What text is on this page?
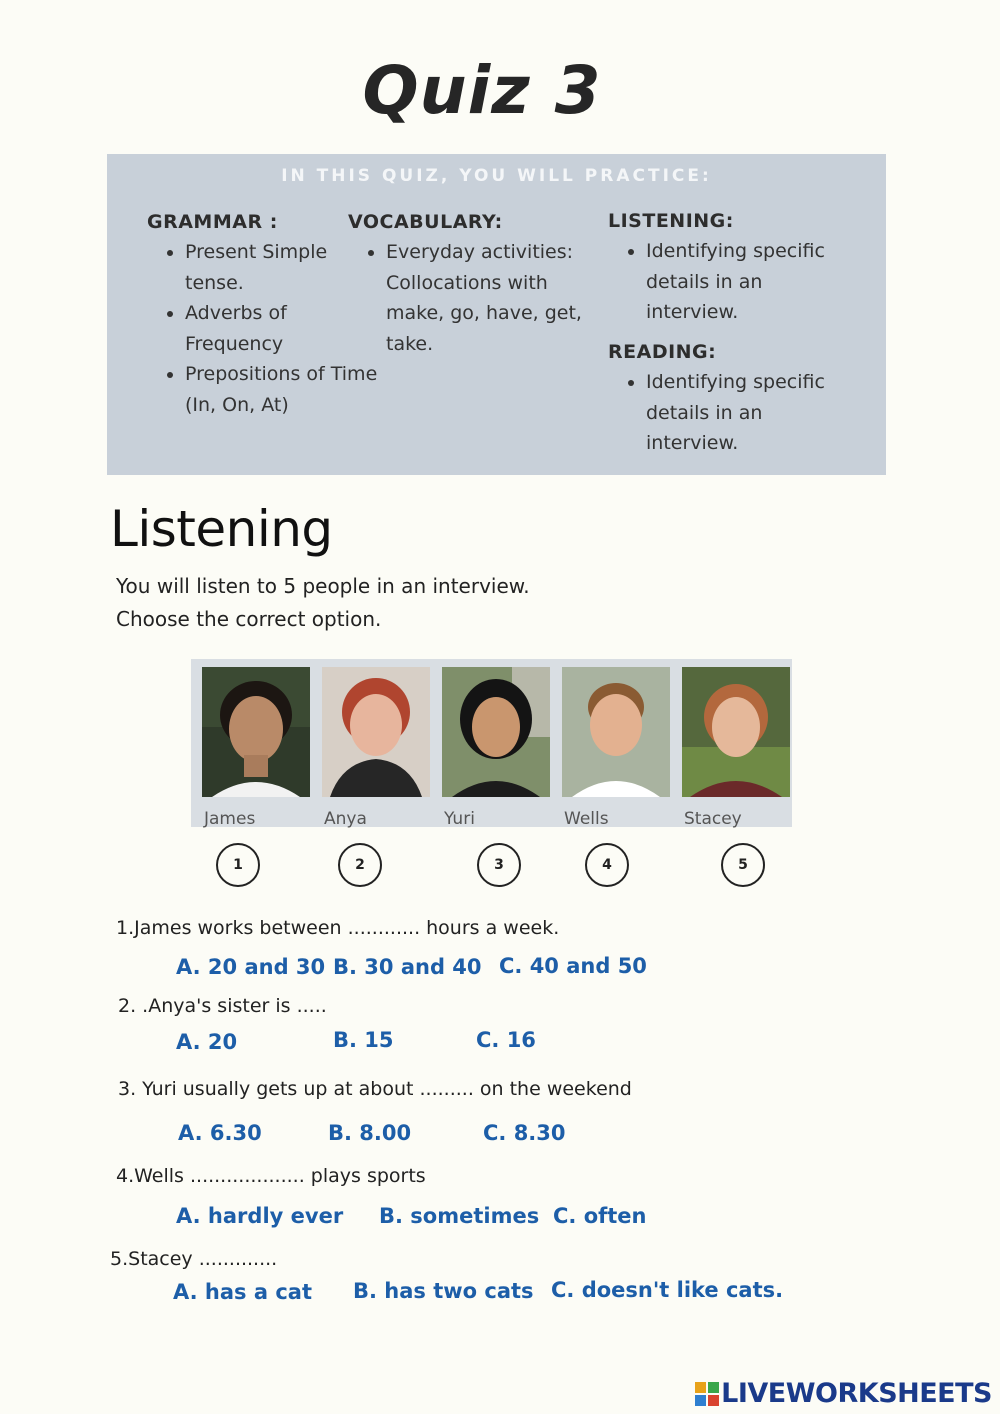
Quiz 3
IN THIS QUIZ, YOU WILL PRACTICE:
GRAMMAR :
• Present Simple tense.
• Adverbs of Frequency
• Prepositions of Time (In, On, At)
VOCABULARY:
• Everyday activities: Collocations with make, go, have, get, take.
LISTENING:
• Identifying specific details in an interview.
READING:
• Identifying specific details in an interview.
Listening
You will listen to 5 people in an interview.
Choose the correct option.
James	Anya	Yuri	Wells	Stacey
1	2	3	4	5
1.James works between ............ hours a week.
A. 20 and 30 B. 30 and 40 C. 40 and 50
2. .Anya's sister is .....
A. 20	B. 15	C. 16
3. Yuri usually gets up at about ......... on the weekend
A. 6.30	B. 8.00	C. 8.30
4.Wells ................... plays sports
A. hardly ever B. sometimes C. often
5.Stacey .............
A. has a cat B. has two cats C. doesn't like cats.
LIVEWORKSHEETS
